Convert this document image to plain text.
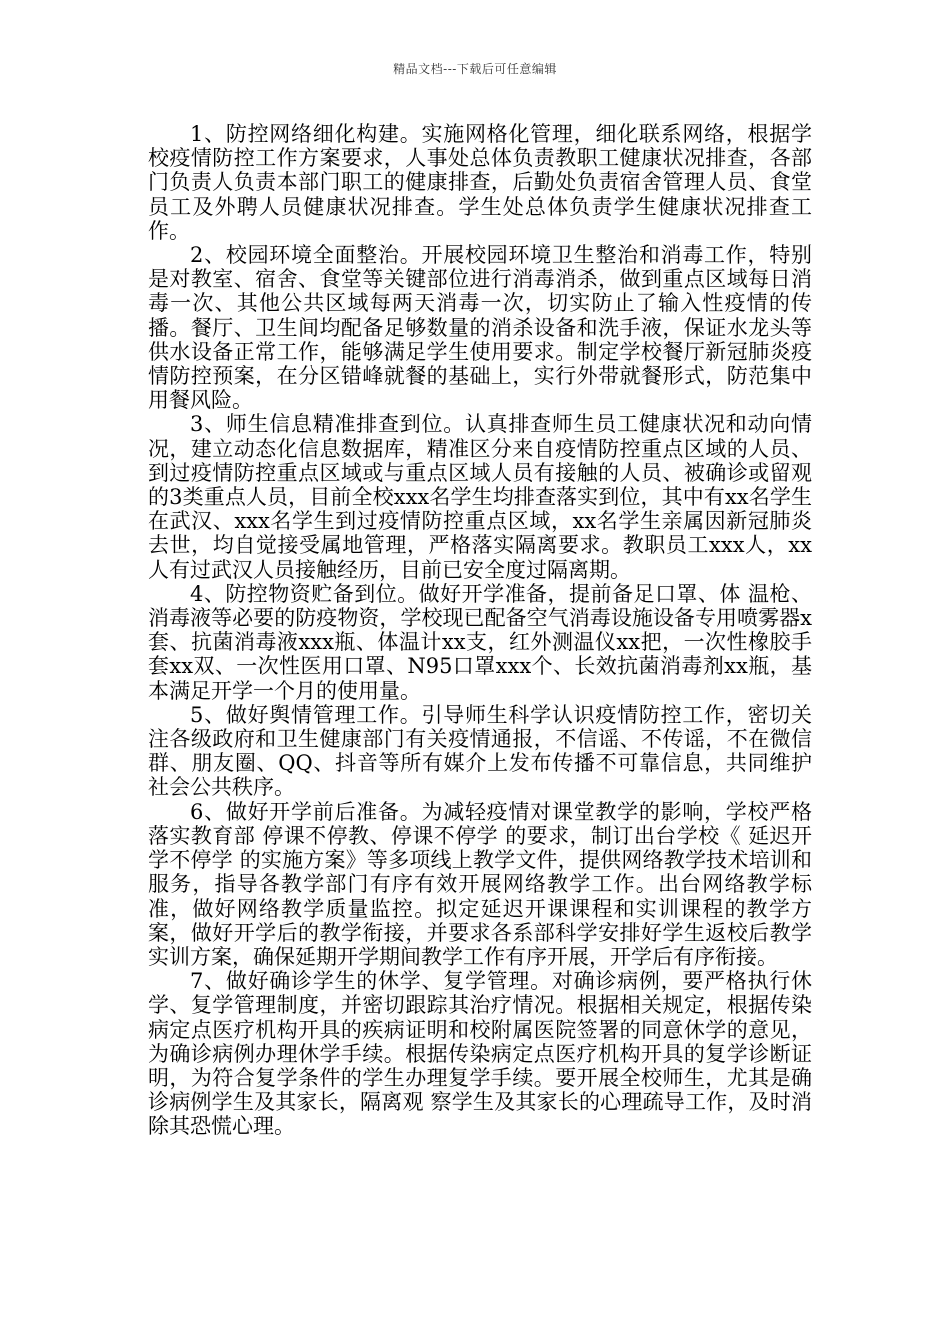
精品文档---下载后可任意编辑

1、防控网络细化构建。实施网格化管理，细化联系网络，根据学校疫情防控工作方案要求，人事处总体负责教职工健康状况排查，各部门负责人负责本部门职工的健康排查，后勤处负责宿舍管理人员、食堂员工及外聘人员健康状况排查。学生处总体负责学生健康状况排查工作。

2、校园环境全面整治。开展校园环境卫生整治和消毒工作，特别是对教室、宿舍、食堂等关键部位进行消毒消杀，做到重点区域每日消毒一次、其他公共区域每两天消毒一次，切实防止了输入性疫情的传播。餐厅、卫生间均配备足够数量的消杀设备和洗手液，保证水龙头等供水设备正常工作，能够满足学生使用要求。制定学校餐厅新冠肺炎疫情防控预案，在分区错峰就餐的基础上，实行外带就餐形式，防范集中用餐风险。

3、师生信息精准排查到位。认真排查师生员工健康状况和动向情况，建立动态化信息数据库，精准区分来自疫情防控重点区域的人员、到过疫情防控重点区域或与重点区域人员有接触的人员、被确诊或留观的3类重点人员，目前全校xxx名学生均排查落实到位，其中有xx名学生在武汉、xxx名学生到过疫情防控重点区域，xx名学生亲属因新冠肺炎去世，均自觉接受属地管理，严格落实隔离要求。教职员工xxx人，xx人有过武汉人员接触经历，目前已安全度过隔离期。

4、防控物资贮备到位。做好开学准备，提前备足口罩、体 温枪、消毒液等必要的防疫物资，学校现已配备空气消毒设施设备专用喷雾器x套、抗菌消毒液xxx瓶、体温计xx支，红外测温仪xx把，一次性橡胶手套xx双、一次性医用口罩、N95口罩xxx个、长效抗菌消毒剂xx瓶，基本满足开学一个月的使用量。

5、做好舆情管理工作。引导师生科学认识疫情防控工作，密切关注各级政府和卫生健康部门有关疫情通报，不信谣、不传谣，不在微信群、朋友圈、QQ、抖音等所有媒介上发布传播不可靠信息，共同维护社会公共秩序。

6、做好开学前后准备。为减轻疫情对课堂教学的影响，学校严格落实教育部 停课不停教、停课不停学 的要求，制订出台学校《 延迟开学不停学 的实施方案》等多项线上教学文件，提供网络教学技术培训和服务，指导各教学部门有序有效开展网络教学工作。出台网络教学标准，做好网络教学质量监控。拟定延迟开课课程和实训课程的教学方案，做好开学后的教学衔接，并要求各系部科学安排好学生返校后教学实训方案，确保延期开学期间教学工作有序开展，开学后有序衔接。

7、做好确诊学生的休学、复学管理。对确诊病例，要严格执行休学、复学管理制度，并密切跟踪其治疗情况。根据相关规定，根据传染病定点医疗机构开具的疾病证明和校附属医院签署的同意休学的意见，为确诊病例办理休学手续。根据传染病定点医疗机构开具的复学诊断证明，为符合复学条件的学生办理复学手续。要开展全校师生，尤其是确诊病例学生及其家长，隔离观 察学生及其家长的心理疏导工作，及时消除其恐慌心理。
